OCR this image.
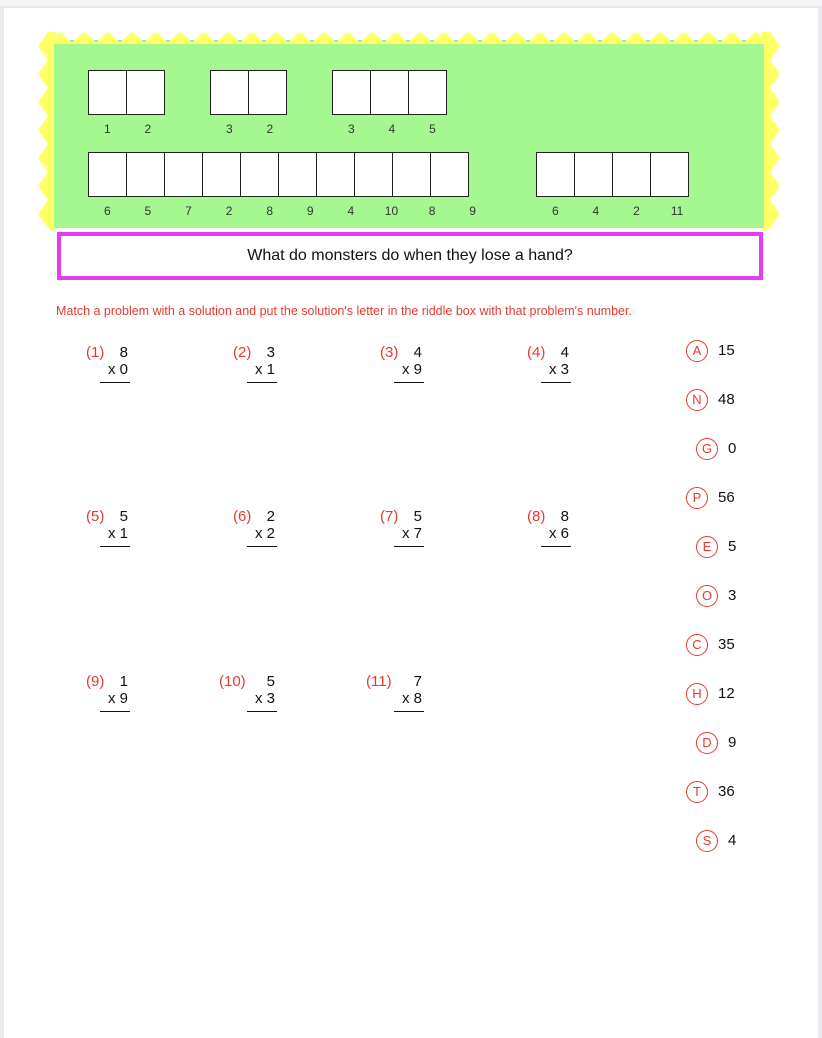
1	2	3	2	3	4	5
6	5	7	2	8	9	4	10	8	9	6	4	2	11
What do monsters do when they lose a hand?
Match a problem with a solution and put the solution's letter in the riddle box with that problem's number.
(1) 8
x 0
(2) 3
x 1
(3) 4
x 9
(4) 4
x 3
(5) 5
x 1
(6) 2
x 2
(7) 5
x 7
(8) 8
x 6
(9) 1
x 9
(10) 5
x 3
(11) 7
x 8
A	15
N	48
G	0
P	56
E	5
O	3
C	35
H	12
D	9
T	36
S	4
